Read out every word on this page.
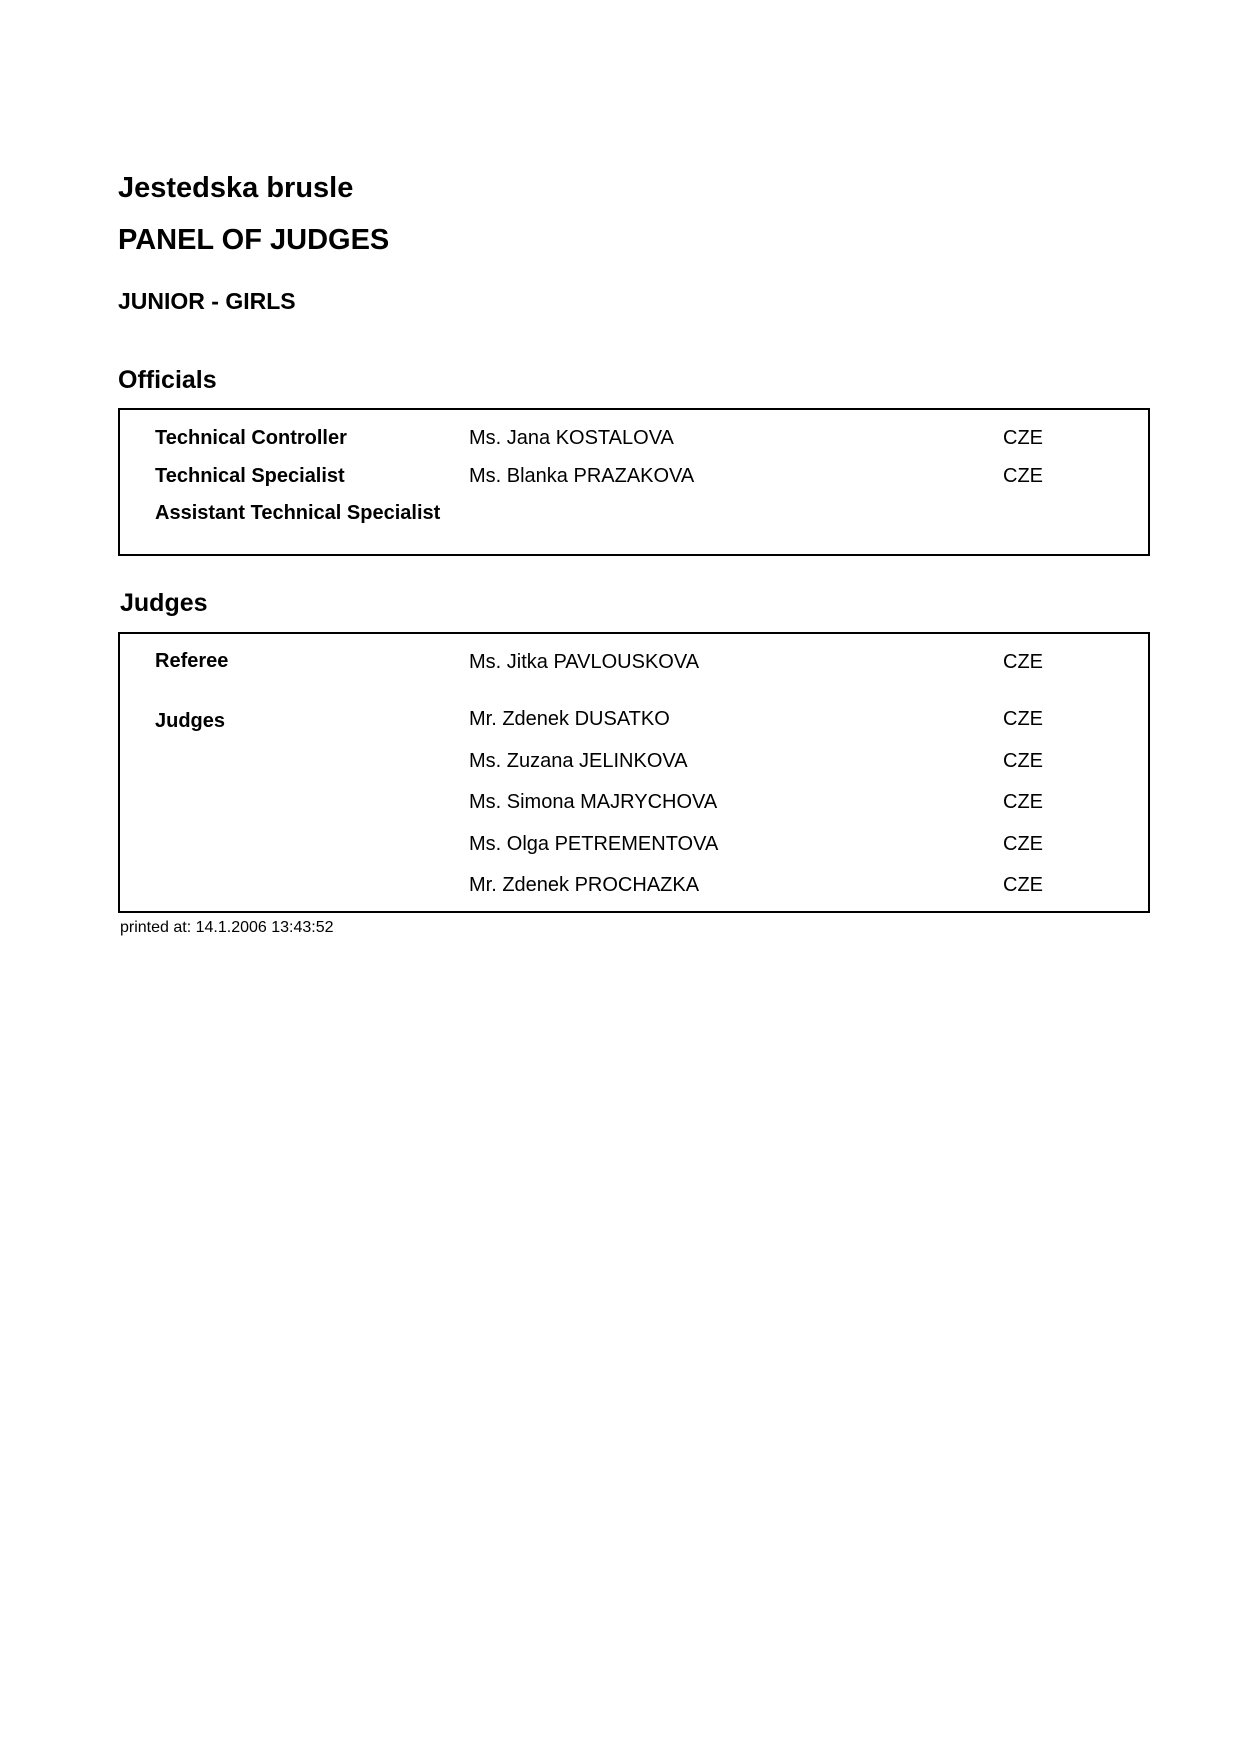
Jestedska brusle
PANEL OF JUDGES
JUNIOR - GIRLS
Officials
Technical Controller	Ms. Jana KOSTALOVA	CZE
Technical Specialist	Ms. Blanka PRAZAKOVA	CZE
Assistant Technical Specialist
Judges
Referee	Ms. Jitka PAVLOUSKOVA	CZE
Judges	Mr. Zdenek DUSATKO	CZE
Ms. Zuzana JELINKOVA	CZE
Ms. Simona MAJRYCHOVA	CZE
Ms. Olga PETREMENTOVA	CZE
Mr. Zdenek PROCHAZKA	CZE
printed at: 14.1.2006 13:43:52
